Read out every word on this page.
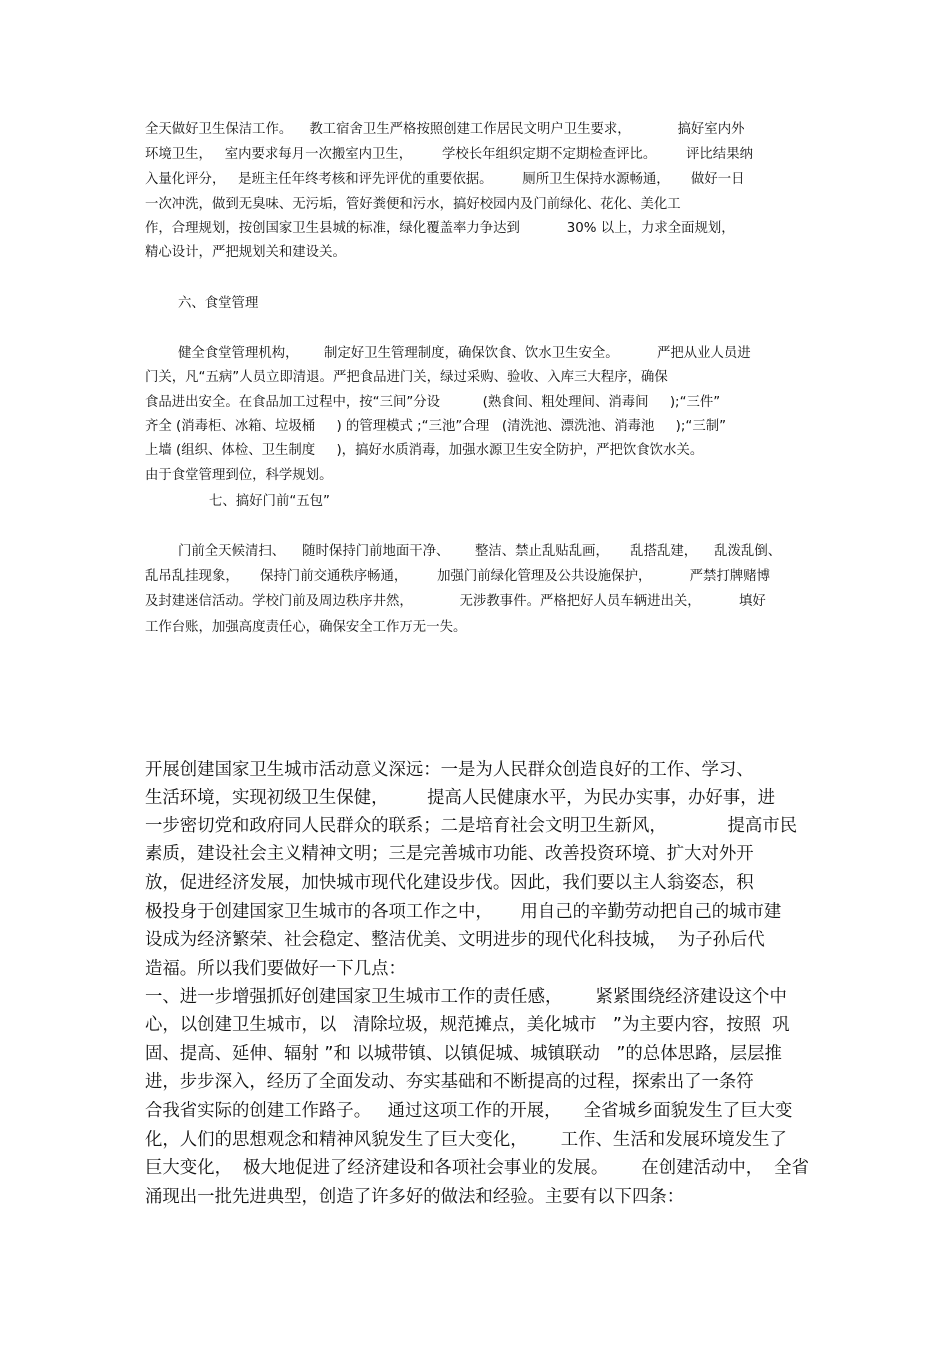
全天做好卫生保洁工作。    教工宿舍卫生严格按照创建工作居民文明户卫生要求，           搞好室内外
环境卫生，   室内要求每月一次搬室内卫生，       学校长年组织定期不定期检查评比。       评比结果纳
入量化评分，   是班主任年终考核和评先评优的重要依据。       厕所卫生保持水源畅通，     做好一日
一次冲洗，做到无臭味、无污垢，管好粪便和污水，搞好校园内及门前绿化、花化、美化工
作，合理规划，按创国家卫生县城的标准，绿化覆盖率力争达到           30% 以上，力求全面规划，
精心设计，严把规划关和建设关。
六、食堂管理
健全食堂管理机构，      制定好卫生管理制度，确保饮食、饮水卫生安全。         严把从业人员进
门关，凡“五病”人员立即清退。严把食品进门关，绿过采购、验收、入库三大程序，确保
食品进出安全。在食品加工过程中，按“三间”分设          (熟食间、粗处理间、消毒间     );“三件”
齐全 (消毒柜、冰箱、垃圾桶     ) 的管理模式 ;“三池”合理   (清洗池、漂洗池、消毒池     );“三制”
上墙 (组织、体检、卫生制度     )，搞好水质消毒，加强水源卫生安全防护，严把饮食饮水关。
由于食堂管理到位，科学规划。
七、搞好门前“五包”
门前全天候清扫、    随时保持门前地面干净、      整洁、禁止乱贴乱画，     乱搭乱建，    乱泼乱倒、
乱吊乱挂现象，     保持门前交通秩序畅通，       加强门前绿化管理及公共设施保护，         严禁打牌赌博
及封建迷信活动。学校门前及周边秩序井然，           无涉教事件。严格把好人员车辆进出关，         填好
工作台账，加强高度责任心，确保安全工作万无一失。
开展创建国家卫生城市活动意义深远：一是为人民群众创造良好的工作、学习、
生活环境，实现初级卫生保健，       提高人民健康水平，为民办实事，办好事，进
一步密切党和政府同人民群众的联系；二是培育社会文明卫生新风，           提高市民
素质，建设社会主义精神文明；三是完善城市功能、改善投资环境、扩大对外开
放，促进经济发展，加快城市现代化建设步伐。因此，我们要以主人翁姿态，积
极投身于创建国家卫生城市的各项工作之中，     用自己的辛勤劳动把自己的城市建
设成为经济繁荣、社会稳定、整洁优美、文明进步的现代化科技城，  为子孙后代
造福。所以我们要做好一下几点：
一、进一步增强抓好创建国家卫生城市工作的责任感，      紧紧围绕经济建设这个中
心，以创建卫生城市，以   清除垃圾，规范摊点，美化城市   ”为主要内容，按照  巩
固、提高、延伸、辐射 ”和 以城带镇、以镇促城、城镇联动   ”的总体思路，层层推
进，步步深入，经历了全面发动、夯实基础和不断提高的过程，探索出了一条符
合我省实际的创建工作路子。   通过这项工作的开展，    全省城乡面貌发生了巨大变
化，人们的思想观念和精神风貌发生了巨大变化，      工作、生活和发展环境发生了
巨大变化，  极大地促进了经济建设和各项社会事业的发展。      在创建活动中，  全省
涌现出一批先进典型，创造了许多好的做法和经验。主要有以下四条：
